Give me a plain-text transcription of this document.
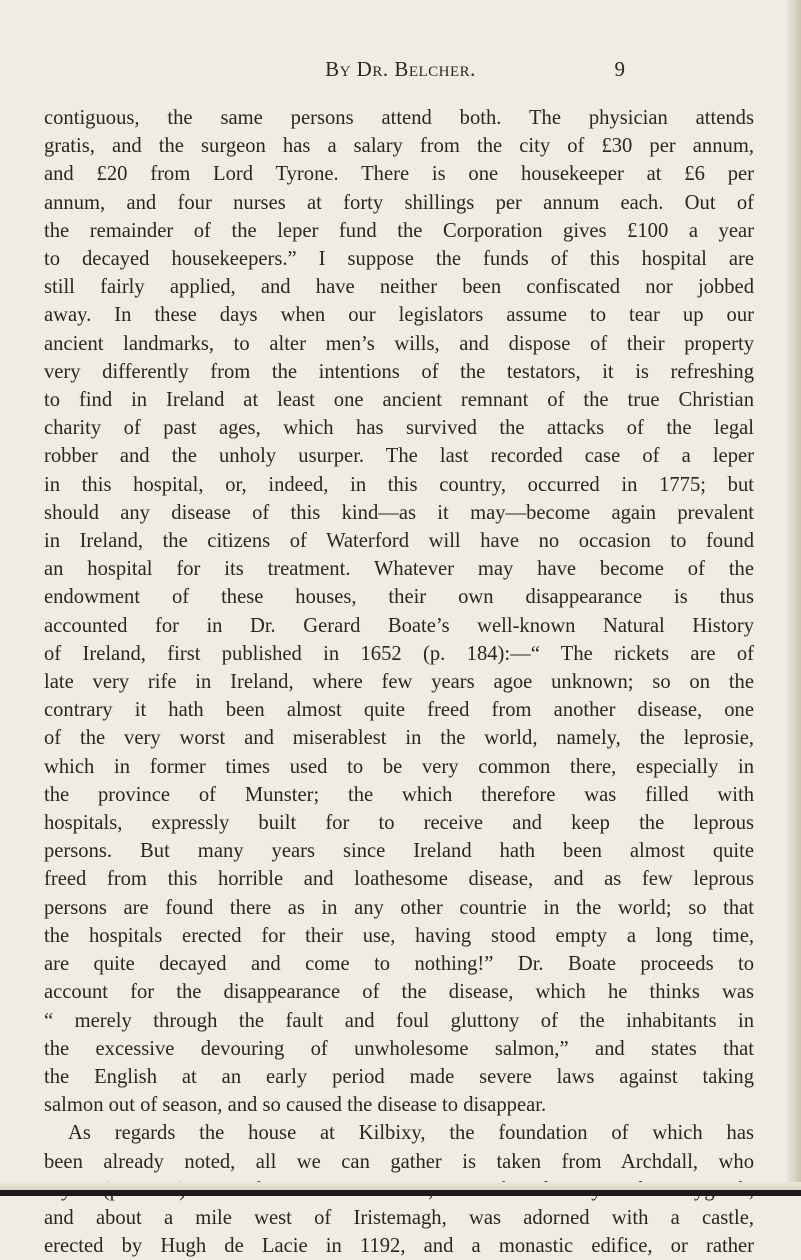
By Dr. Belcher.	9
contiguous, the same persons attend both. The physician attends
gratis, and the surgeon has a salary from the city of £30 per annum,
and £20 from Lord Tyrone. There is one housekeeper at £6 per
annum, and four nurses at forty shillings per annum each. Out of
the remainder of the leper fund the Corporation gives £100 a year
to decayed housekeepers.” I suppose the funds of this hospital are
still fairly applied, and have neither been confiscated nor jobbed
away. In these days when our legislators assume to tear up our
ancient landmarks, to alter men’s wills, and dispose of their property
very differently from the intentions of the testators, it is refreshing
to find in Ireland at least one ancient remnant of the true Christian
charity of past ages, which has survived the attacks of the legal
robber and the unholy usurper. The last recorded case of a leper
in this hospital, or, indeed, in this country, occurred in 1775; but
should any disease of this kind—as it may—become again prevalent
in Ireland, the citizens of Waterford will have no occasion to found
an hospital for its treatment. Whatever may have become of the
endowment of these houses, their own disappearance is thus
accounted for in Dr. Gerard Boate’s well-known Natural History
of Ireland, first published in 1652 (p. 184):—“ The rickets are of
late very rife in Ireland, where few years agoe unknown; so on the
contrary it hath been almost quite freed from another disease, one
of the very worst and miserablest in the world, namely, the leprosie,
which in former times used to be very common there, especially in
the province of Munster; the which therefore was filled with
hospitals, expressly built for to receive and keep the leprous
persons. But many years since Ireland hath been almost quite
freed from this horrible and loathesome disease, and as few leprous
persons are found there as in any other countrie in the world; so that
the hospitals erected for their use, having stood empty a long time,
are quite decayed and come to nothing!” Dr. Boate proceeds to
account for the disappearance of the disease, which he thinks was
“ merely through the fault and foul gluttony of the inhabitants in
the excessive devouring of unwholesome salmon,” and states that
the English at an early period made severe laws against taking
salmon out of season, and so caused the disease to disappear.
As regards the house at Kilbixy, the foundation of which has
been already noted, all we can gather is taken from Archdall, who
and about a mile west of Iristemagh, was adorned with a castle,
erected by Hugh de Lacie in 1192, and a monastic edifice, or rather
